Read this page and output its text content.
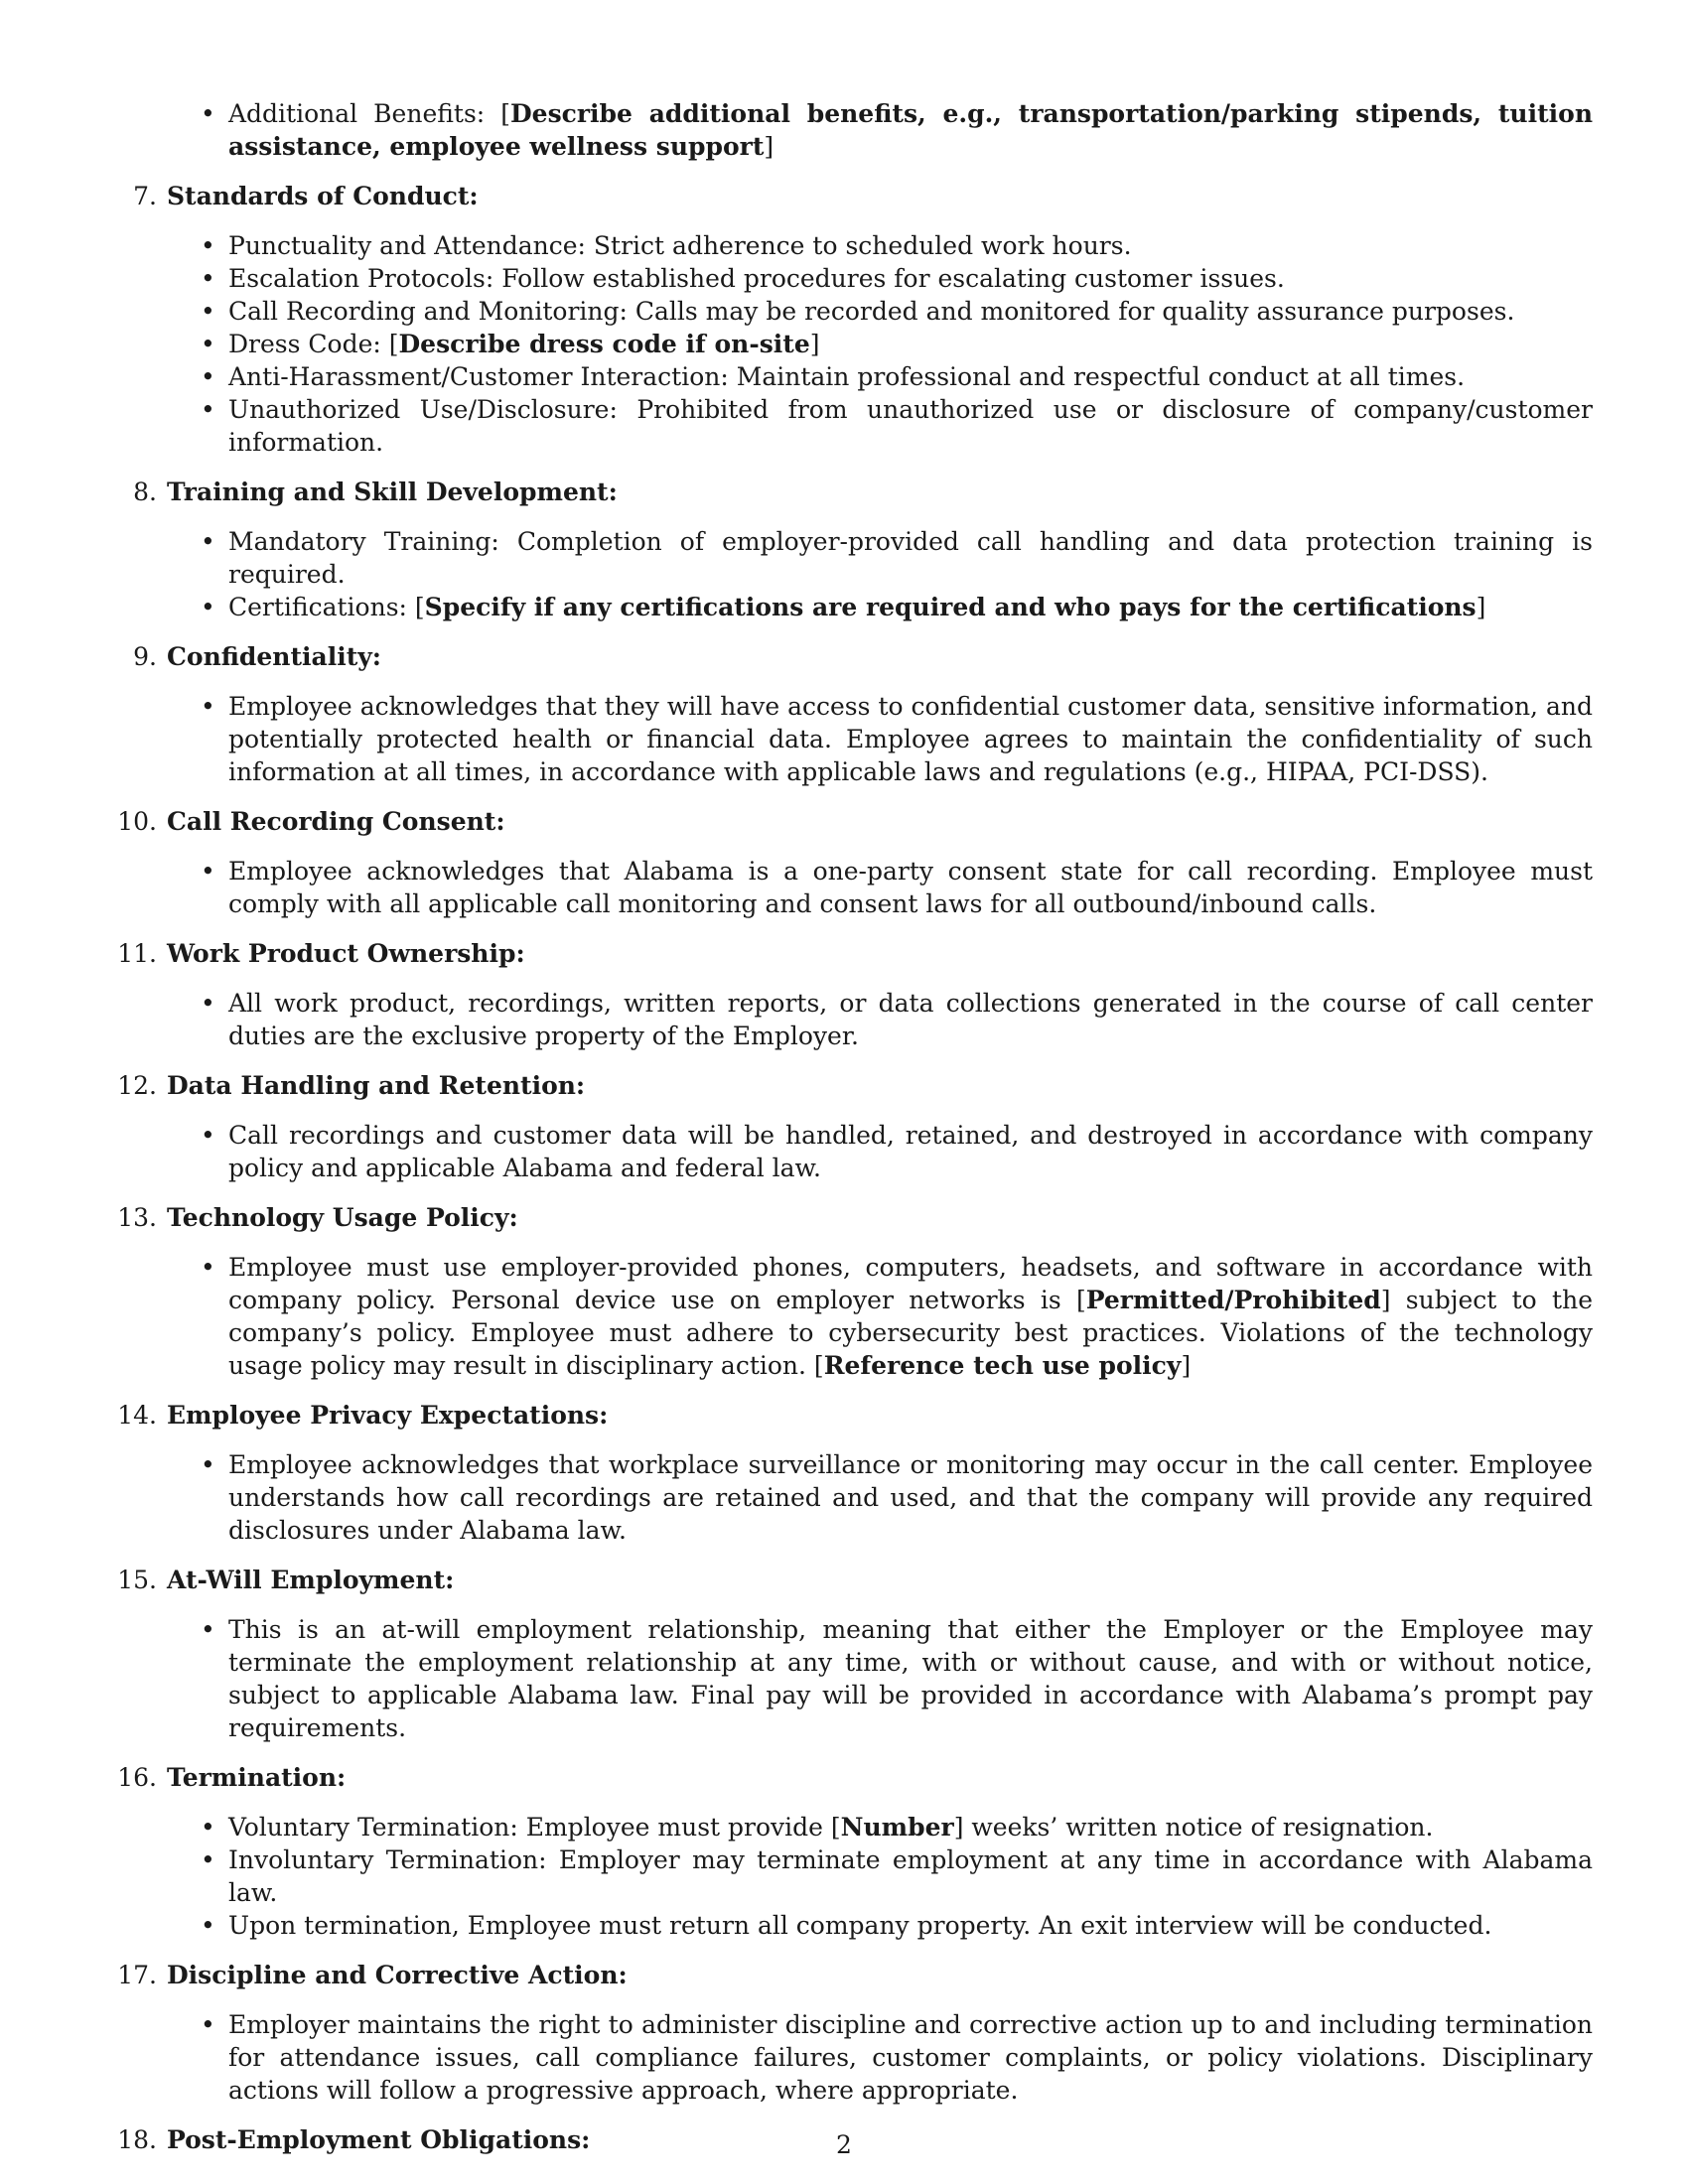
• Additional Benefits: [Describe additional benefits, e.g., transportation/parking stipends, tuition assistance, employee wellness support]
7. Standards of Conduct:
• Punctuality and Attendance: Strict adherence to scheduled work hours.
• Escalation Protocols: Follow established procedures for escalating customer issues.
• Call Recording and Monitoring: Calls may be recorded and monitored for quality assurance purposes.
• Dress Code: [Describe dress code if on-site]
• Anti-Harassment/Customer Interaction: Maintain professional and respectful conduct at all times.
• Unauthorized Use/Disclosure: Prohibited from unauthorized use or disclosure of company/customer information.
8. Training and Skill Development:
• Mandatory Training: Completion of employer-provided call handling and data protection training is required.
• Certifications: [Specify if any certifications are required and who pays for the certifications]
9. Confidentiality:
• Employee acknowledges that they will have access to confidential customer data, sensitive information, and potentially protected health or financial data. Employee agrees to maintain the confidentiality of such information at all times, in accordance with applicable laws and regulations (e.g., HIPAA, PCI-DSS).
10. Call Recording Consent:
• Employee acknowledges that Alabama is a one-party consent state for call recording. Employee must comply with all applicable call monitoring and consent laws for all outbound/inbound calls.
11. Work Product Ownership:
• All work product, recordings, written reports, or data collections generated in the course of call center duties are the exclusive property of the Employer.
12. Data Handling and Retention:
• Call recordings and customer data will be handled, retained, and destroyed in accordance with company policy and applicable Alabama and federal law.
13. Technology Usage Policy:
• Employee must use employer-provided phones, computers, headsets, and software in accordance with company policy. Personal device use on employer networks is [Permitted/Prohibited] subject to the company’s policy. Employee must adhere to cybersecurity best practices. Violations of the technology usage policy may result in disciplinary action. [Reference tech use policy]
14. Employee Privacy Expectations:
• Employee acknowledges that workplace surveillance or monitoring may occur in the call center. Employee understands how call recordings are retained and used, and that the company will provide any required disclosures under Alabama law.
15. At-Will Employment:
• This is an at-will employment relationship, meaning that either the Employer or the Employee may terminate the employment relationship at any time, with or without cause, and with or without notice, subject to applicable Alabama law. Final pay will be provided in accordance with Alabama’s prompt pay requirements.
16. Termination:
• Voluntary Termination: Employee must provide [Number] weeks’ written notice of resignation.
• Involuntary Termination: Employer may terminate employment at any time in accordance with Alabama law.
• Upon termination, Employee must return all company property. An exit interview will be conducted.
17. Discipline and Corrective Action:
• Employer maintains the right to administer discipline and corrective action up to and including termination for attendance issues, call compliance failures, customer complaints, or policy violations. Disciplinary actions will follow a progressive approach, where appropriate.
18. Post-Employment Obligations:	2
